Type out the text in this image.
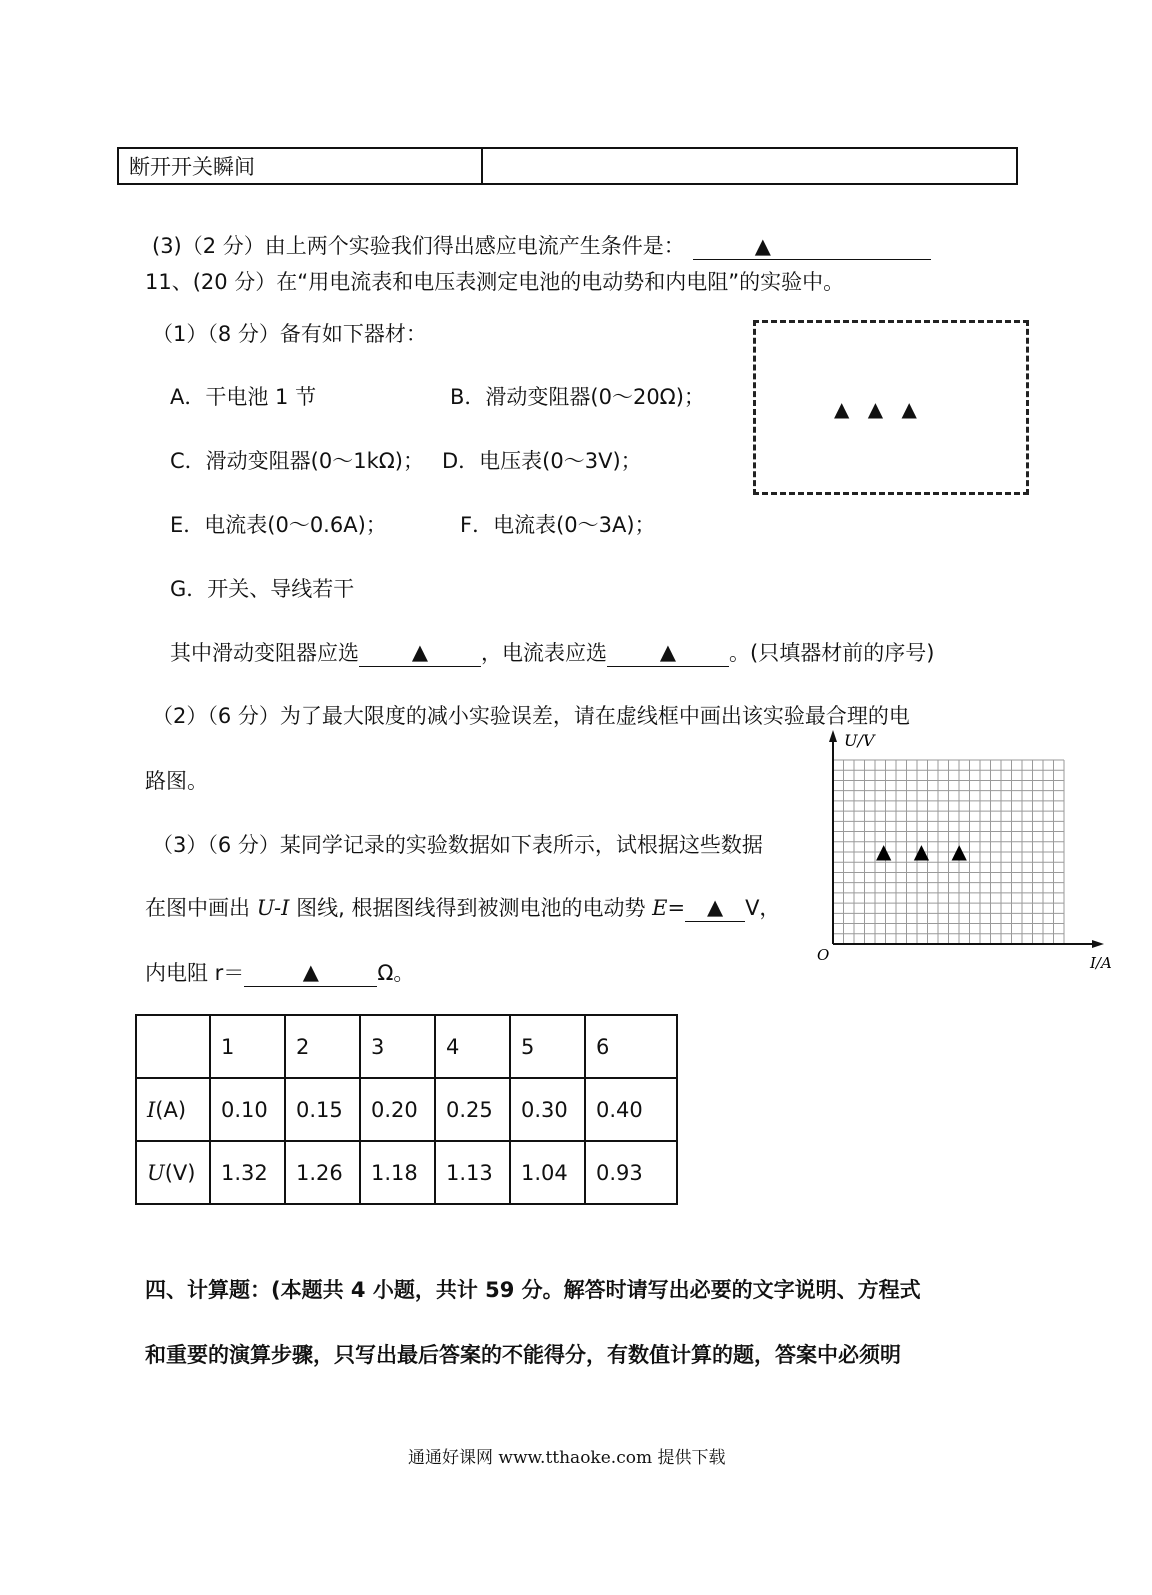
断开开关瞬间	
(3)（2 分）由上两个实验我们得出感应电流产生条件是：	▲
11、(20 分）在“用电流表和电压表测定电池的电动势和内电阻”的实验中。
（1）（8 分）备有如下器材：
A．干电池 1 节	B．滑动变阻器(0～20Ω)；
C．滑动变阻器(0～1kΩ)； D．电压表(0～3V)；
E．电流表(0～0.6A)；	F．电流表(0～3A)；
G．开关、导线若干
其中滑动变阻器应选	▲	，电流表应选	▲	。(只填器材前的序号)
▲ ▲ ▲
（2）（6 分）为了最大限度的减小实验误差，请在虚线框中画出该实验最合理的电
路图。
（3）（6 分）某同学记录的实验数据如下表所示，试根据这些数据
在图中画出 U-I 图线, 根据图线得到被测电池的电动势 E= ▲ V，
内电阻 r＝	▲	Ω。
U/V
O	I/A
▲ ▲ ▲
	1	2	3	4	5	6
I(A)	0.10	0.15	0.20	0.25	0.30	0.40
U(V)	1.32	1.26	1.18	1.13	1.04	0.93
四、计算题：(本题共 4 小题，共计 59 分。解答时请写出必要的文字说明、方程式
和重要的演算步骤，只写出最后答案的不能得分，有数值计算的题，答案中必须明
通通好课网 www.tthaoke.com 提供下载
